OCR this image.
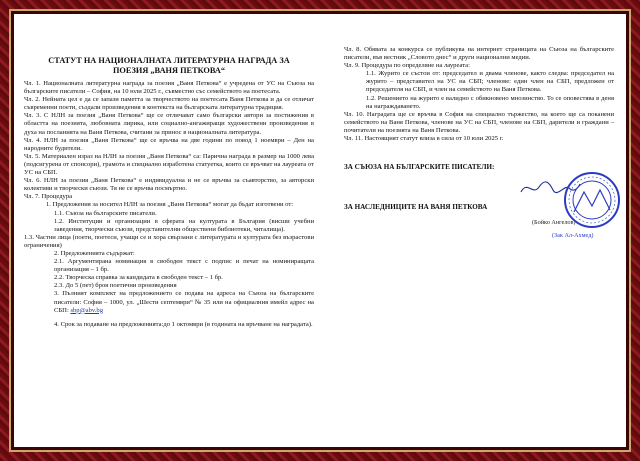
СТАТУТ НА НАЦИОНАЛНАТА ЛИТЕРАТУРНА НАГРАДА ЗА
ПОЕЗИЯ „ВАНЯ ПЕТКОВА“

Чл. 1. Националната литературна награда за поезия „Ваня Петкова“ е учредена от УС на Съюза на българските писатели – София, на 10 юли 2025 г., съвместно със семейството на поетесата.

Чл. 2. Нейната цел е да се запази паметта за творчеството на поетесата Ваня Петкова и да се отличат съвременни поети, създали произведения в контекста на българската литературна традиция.

Чл. 3. С НЛН за поезия „Ваня Петкова“ ще се отличават само български автори за постижения в областта на поезията, любовната лирика, или социално-ангажиращи художествени произведения в духа на посланията на Ваня Петкова, считани за принос в националната литература.

Чл. 4. НЛН за поезия „Ваня Петкова“ ще се връчва на две години по повод 1 ноември – Ден на народните будители.

Чл. 5. Материален израз на НЛН за поезия „Ваня Петкова“ са: Парична награда в размер на 1000 лева (подсигурена от спонсори), грамота и специално изработена статуетка, които се връчват на лауреата от УС на СБП.

Чл. 6. НЛН за поезия „Ваня Петкова“ е индивидуална и не се връчва за съавторство, за авторски колективи и творчески съюзи. Тя не се връчва посмъртно.

Чл. 7. Процедура

1. Предложения за носител НЛН за поезия „Ваня Петкова“ могат да бъдат изготвени от:

1.1. Съюза на българските писатели.

1.2. Институции и организации в сферата на културата в България (висши учебни заведения, творчески съюзи, представителни обществени библиотеки, читалища).

1.3. Частни лица (поети, поетеси, учащи се и хора свързани с литературата и културата без възрастови ограничения)

2. Предложенията съдържат:

2.1. Аргументирана номинация в свободен текст с подпис и печат на номиниращата организация – 1 бр.

2.2. Творческа справка за кандидата в свободен текст – 1 бр.

2.3. До 5 (пет) броя поетични произведения

3. Пълният комплект на предложението се подава на адреса на Съюза на българските писатели: София – 1000, ул. „Шести септември“ № 35 или на официалния имейл адрес на СБП: sbp@abv.bg

4. Срок за подаване на предложенията:до 1 октомври (в годината на връчване на наградата).

Чл. 8. Обявата за конкурса се публикува на интернет страницата на Съюза на българските писатели, във вестник „Словото днес“ и други национални медии.

Чл. 9. Процедура по определяне на лауреата:

1.1. Журито се състои от: председател и двама членове, както следва: председател на журито – представител на УС на СБП; членове: един член на СБП, предложен от председателя на СБП, и член на семейството на Ваня Петкова.

1.2. Решението на журито е валидно с обикновено мнозинство. То се оповестява в деня на награждаването.

Чл. 10. Наградата ще се връчва в София на специално тържество, на което ще са поканени семейството на Ваня Петкова, членове на УС на СБП, членове на СБП, дарители и граждани – почитатели на поезията на Ваня Петкова.

Чл. 11. Настоящият статут влиза в сила от 10 юли 2025 г.

ЗА СЪЮЗА НА БЪЛГАРСКИТЕ ПИСАТЕЛИ:
ЗА НАСЛЕДНИЦИТЕ НА ВАНЯ ПЕТКОВА
(Бойко Ангелов)
(Зак Ал-Ахмед)
